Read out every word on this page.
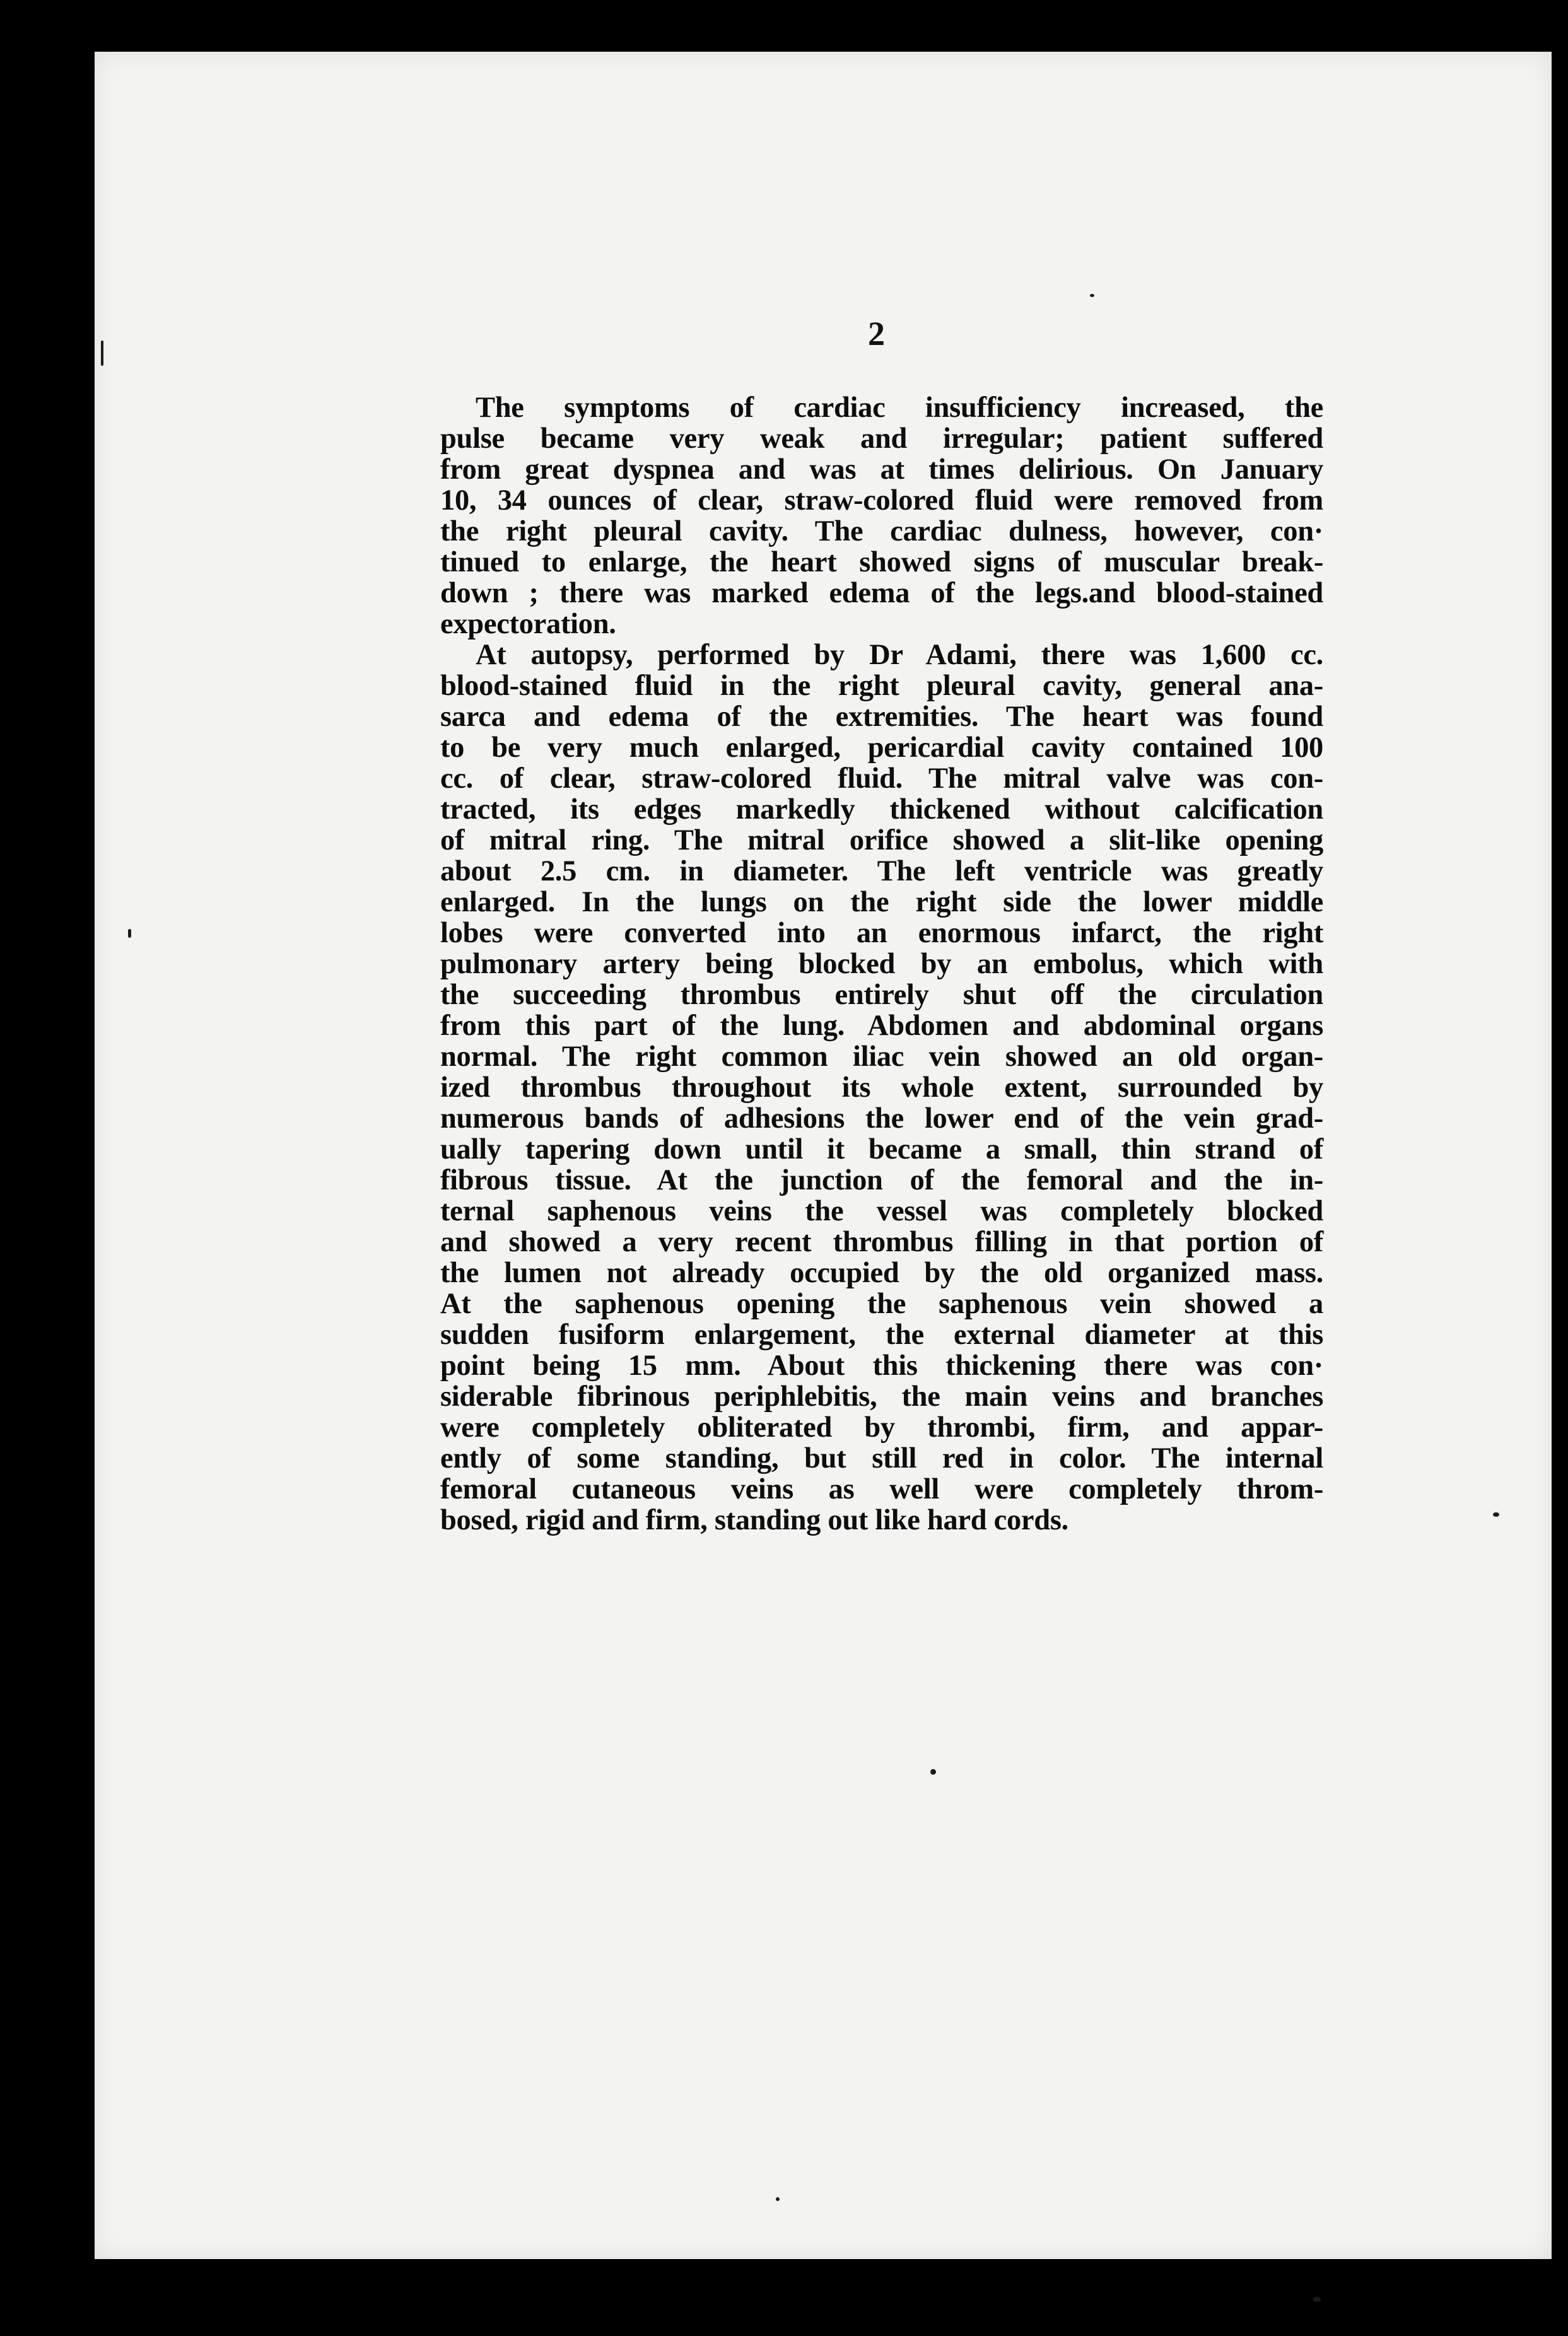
2
The symptoms of cardiac insufficiency increased, the
pulse became very weak and irregular; patient suffered
from great dyspnea and was at times delirious. On January
10, 34 ounces of clear, straw-colored fluid were removed from
the right pleural cavity. The cardiac dulness, however, con·
tinued to enlarge, the heart showed signs of muscular break-
down ; there was marked edema of the legs.and blood-stained
expectoration.
At autopsy, performed by Dr Adami, there was 1,600 cc.
blood-stained fluid in the right pleural cavity, general ana-
sarca and edema of the extremities. The heart was found
to be very much enlarged, pericardial cavity contained 100
cc. of clear, straw-colored fluid. The mitral valve was con-
tracted, its edges markedly thickened without calcification
of mitral ring. The mitral orifice showed a slit-like opening
about 2.5 cm. in diameter. The left ventricle was greatly
enlarged. In the lungs on the right side the lower middle
lobes were converted into an enormous infarct, the right
pulmonary artery being blocked by an embolus, which with
the succeeding thrombus entirely shut off the circulation
from this part of the lung. Abdomen and abdominal organs
normal. The right common iliac vein showed an old organ-
ized thrombus throughout its whole extent, surrounded by
numerous bands of adhesions the lower end of the vein grad-
ually tapering down until it became a small, thin strand of
fibrous tissue. At the junction of the femoral and the in-
ternal saphenous veins the vessel was completely blocked
and showed a very recent thrombus filling in that portion of
the lumen not already occupied by the old organized mass.
At the saphenous opening the saphenous vein showed a
sudden fusiform enlargement, the external diameter at this
point being 15 mm. About this thickening there was con·
siderable fibrinous periphlebitis, the main veins and branches
were completely obliterated by thrombi, firm, and appar-
ently of some standing, but still red in color. The internal
femoral cutaneous veins as well were completely throm-
bosed, rigid and firm, standing out like hard cords.
